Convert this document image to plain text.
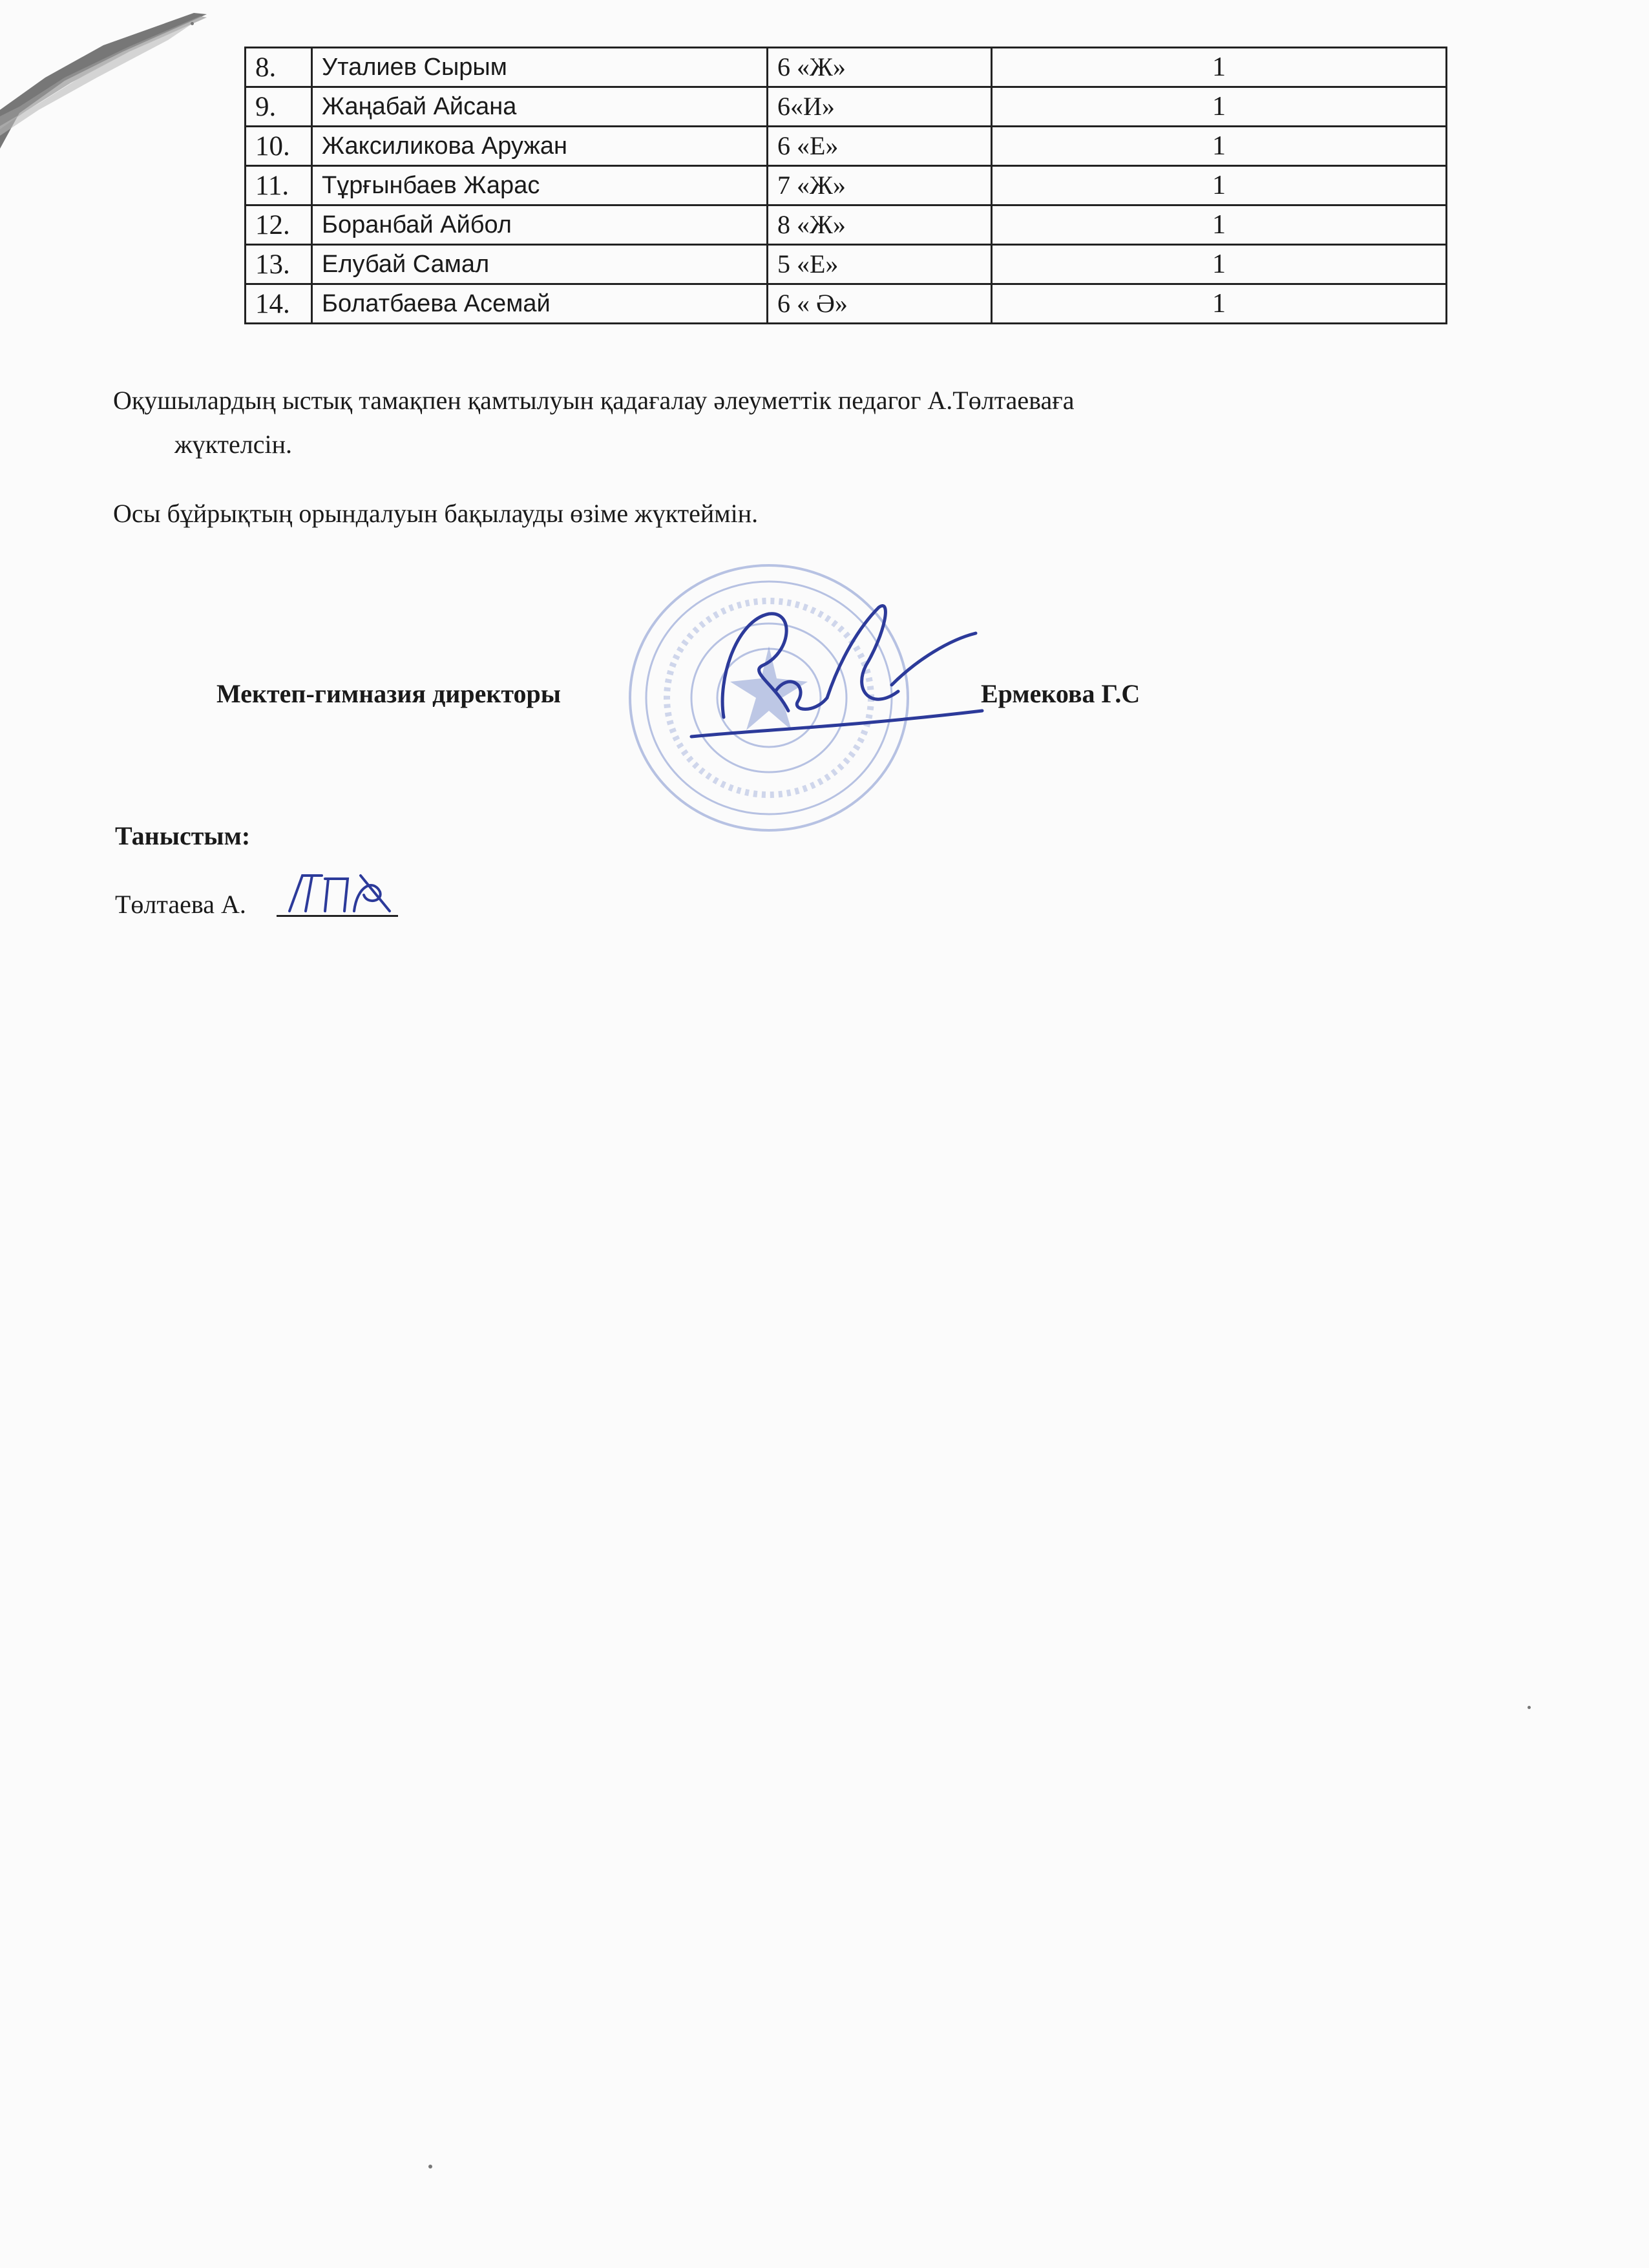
8.	Уталиев Сырым	6 «Ж»	1
9.	Жаңабай Айсана	6«И»	1
10.	Жаксиликова Аружан	6 «Е»	1
11.	Тұрғынбаев Жарас	7 «Ж»	1
12.	Боранбай Айбол	8 «Ж»	1
13.	Елубай Самал	5 «Е»	1
14.	Болатбаева Асемай	6 « Ә»	1
Оқушылардың ыстық тамақпен қамтылуын қадағалау әлеуметтік педагог А.Төлтаеваға
жүктелсін.
Осы бұйрықтың орындалуын бақылауды өзіме жүктеймін.
Мектеп-гимназия директоры	Ермекова Г.С
Таныстым:
Төлтаева А.
